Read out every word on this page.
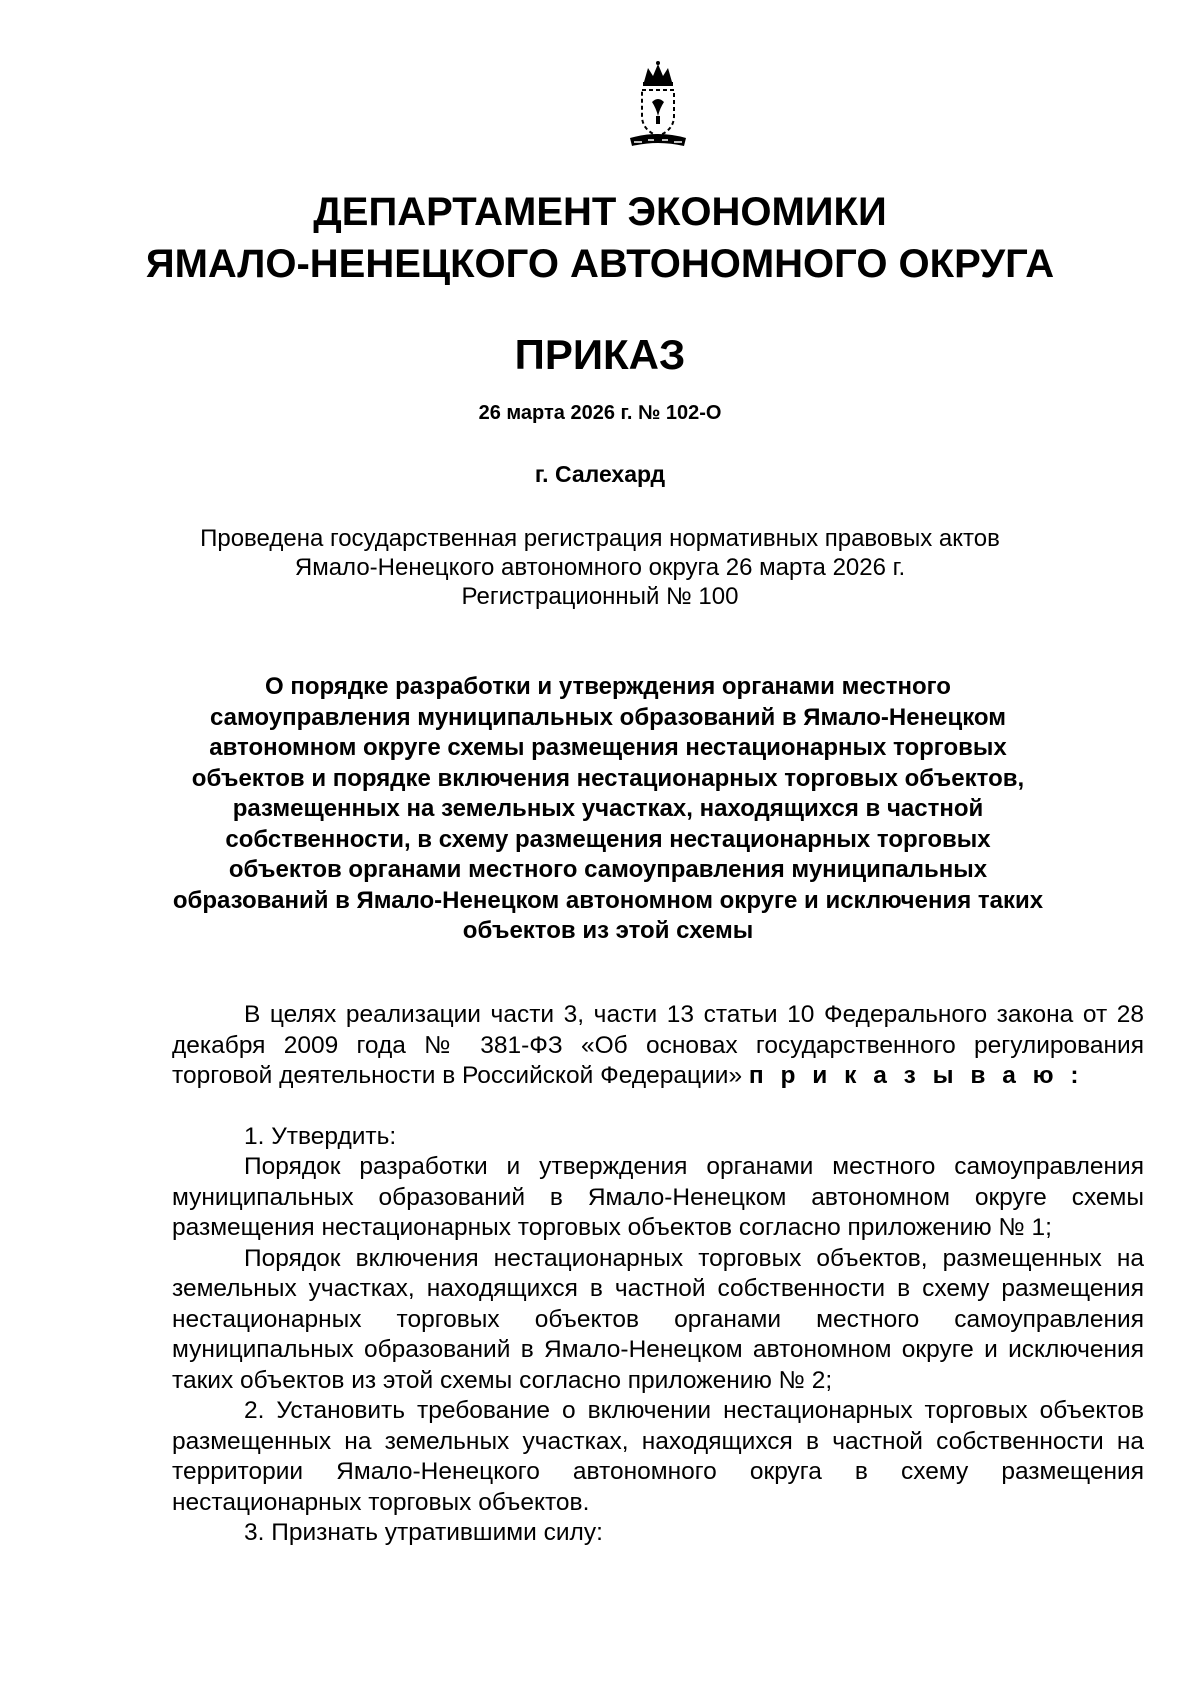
ДЕПАРТАМЕНТ ЭКОНОМИКИ
ЯМАЛО-НЕНЕЦКОГО АВТОНОМНОГО ОКРУГА
ПРИКАЗ
26 марта 2026 г. № 102-О
г. Салехард
Проведена государственная регистрация нормативных правовых актов
Ямало-Ненецкого автономного округа 26 марта 2026 г.
Регистрационный № 100
О порядке разработки и утверждения органами местного самоуправления муниципальных образований в Ямало-Ненецком автономном округе схемы размещения нестационарных торговых объектов и порядке включения нестационарных торговых объектов, размещенных на земельных участках, находящихся в частной собственности, в схему размещения нестационарных торговых объектов органами местного самоуправления муниципальных образований в Ямало-Ненецком автономном округе и исключения таких объектов из этой схемы

В целях реализации части 3, части 13 статьи 10 Федерального закона от 28 декабря 2009 года № 381-ФЗ «Об основах государственного регулирования торговой деятельности в Российской Федерации» п р и к а з ы в а ю :

1. Утвердить:

Порядок разработки и утверждения органами местного самоуправления муниципальных образований в Ямало-Ненецком автономном округе схемы размещения нестационарных торговых объектов согласно приложению № 1;

Порядок включения нестационарных торговых объектов, размещенных на земельных участках, находящихся в частной собственности в схему размещения нестационарных торговых объектов органами местного самоуправления муниципальных образований в Ямало-Ненецком автономном округе и исключения таких объектов из этой схемы согласно приложению № 2;

2. Установить требование о включении нестационарных торговых объектов размещенных на земельных участках, находящихся в частной собственности на территории Ямало-Ненецкого автономного округа в схему размещения нестационарных торговых объектов.

3. Признать утратившими силу:
